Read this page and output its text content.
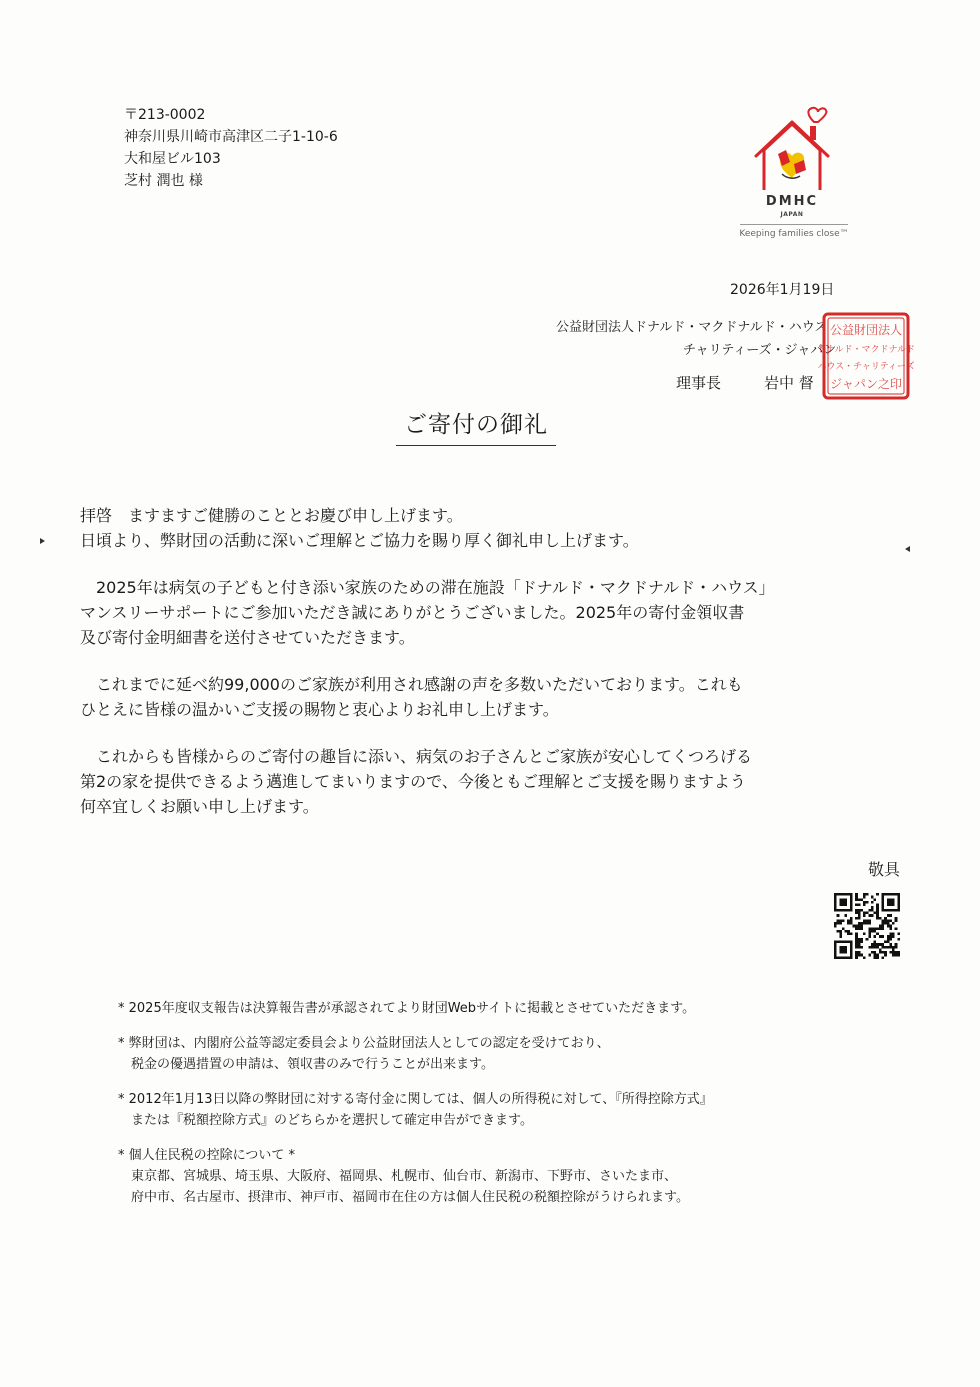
〒213-0002
神奈川県川崎市高津区二子1-10-6
大和屋ビル103
芝村 潤也 様
DMHC
JAPAN
Keeping families close™
2026年1月19日
公益財団法人ドナルド・マクドナルド・ハウス
チャリティーズ・ジャパン
理事長	岩中 督
公益財団法人
ドナルド・マクドナルド
ハウス・チャリティーズ
ジャパン之印
ご寄付の御礼

拝啓　ますますご健勝のこととお慶び申し上げます。
日頃より、弊財団の活動に深いご理解とご協力を賜り厚く御礼申し上げます。

2025年は病気の子どもと付き添い家族のための滞在施設「ドナルド・マクドナルド・ハウス」
マンスリーサポートにご参加いただき誠にありがとうございました。2025年の寄付金領収書
及び寄付金明細書を送付させていただきます。

これまでに延べ約99,000のご家族が利用され感謝の声を多数いただいております。これも
ひとえに皆様の温かいご支援の賜物と衷心よりお礼申し上げます。

これからも皆様からのご寄付の趣旨に添い、病気のお子さんとご家族が安心してくつろげる
第2の家を提供できるよう邁進してまいりますので、今後ともご理解とご支援を賜りますよう
何卒宜しくお願い申し上げます。

敬具
* 2025年度収支報告は決算報告書が承認されてより財団Webサイトに掲載とさせていただきます。
* 弊財団は、内閣府公益等認定委員会より公益財団法人としての認定を受けており、
税金の優遇措置の申請は、領収書のみで行うことが出来ます。
* 2012年1月13日以降の弊財団に対する寄付金に関しては、個人の所得税に対して、『所得控除方式』
または『税額控除方式』のどちらかを選択して確定申告ができます。
* 個人住民税の控除について *
東京都、宮城県、埼玉県、大阪府、福岡県、札幌市、仙台市、新潟市、下野市、さいたま市、
府中市、名古屋市、摂津市、神戸市、福岡市在住の方は個人住民税の税額控除がうけられます。
